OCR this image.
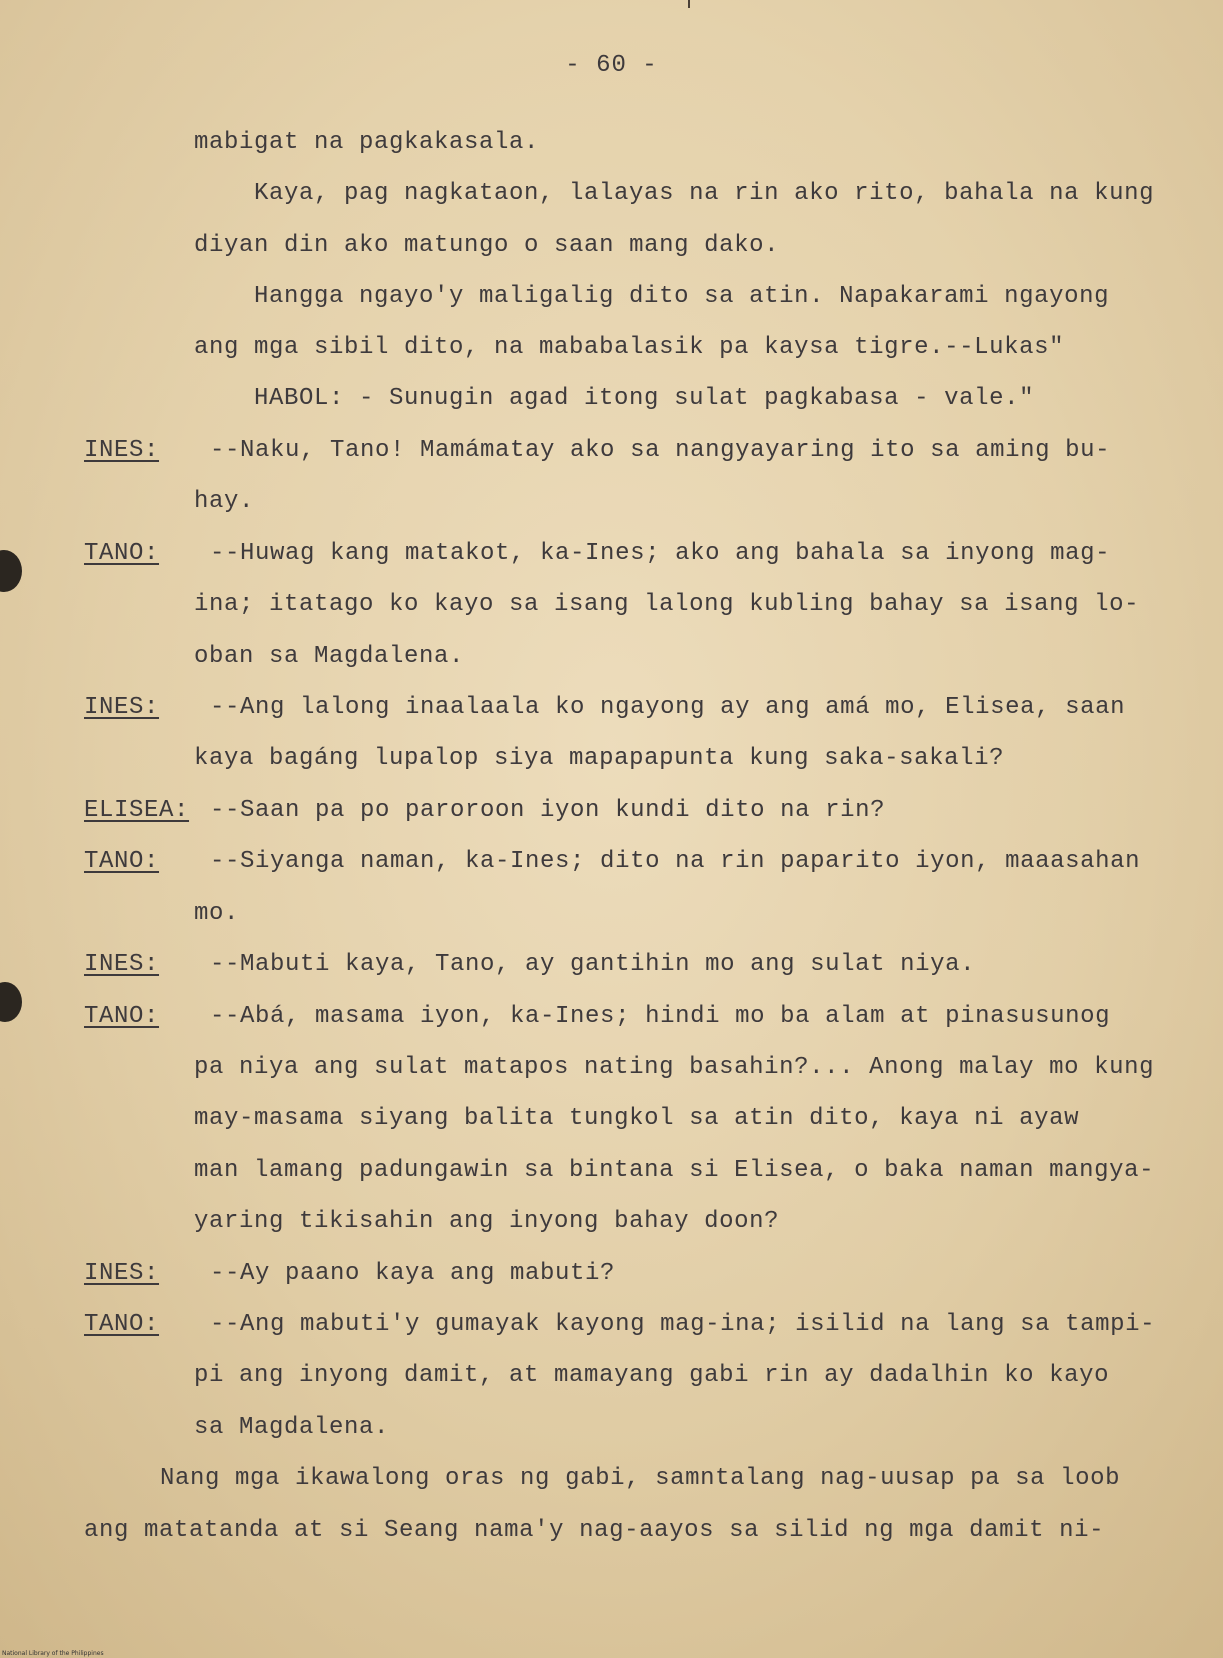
- 60 -
mabigat na pagkakasala.
Kaya, pag nagkataon, lalayas na rin ako rito, bahala na kung
diyan din ako matungo o saan mang dako.
Hangga ngayo'y maligalig dito sa atin. Napakarami ngayong
ang mga sibil dito, na mababalasik pa kaysa tigre.--Lukas"
HABOL: - Sunugin agad itong sulat pagkabasa - vale."
INES: --Naku, Tano! Mamámatay ako sa nangyayaring ito sa aming bu-
hay.
TANO: --Huwag kang matakot, ka-Ines; ako ang bahala sa inyong mag-
ina; itatago ko kayo sa isang lalong kubling bahay sa isang lo-
oban sa Magdalena.
INES: --Ang lalong inaalaala ko ngayong ay ang amá mo, Elisea, saan
kaya bagáng lupalop siya mapapapunta kung saka-sakali?
ELISEA: --Saan pa po paroroon iyon kundi dito na rin?
TANO: --Siyanga naman, ka-Ines; dito na rin paparito iyon, maaasahan
mo.
INES: --Mabuti kaya, Tano, ay gantihin mo ang sulat niya.
TANO: --Abá, masama iyon, ka-Ines; hindi mo ba alam at pinasusunog
pa niya ang sulat matapos nating basahin?... Anong malay mo kung
may-masama siyang balita tungkol sa atin dito, kaya ni ayaw
man lamang padungawin sa bintana si Elisea, o baka naman mangya-
yaring tikisahin ang inyong bahay doon?
INES: --Ay paano kaya ang mabuti?
TANO: --Ang mabuti'y gumayak kayong mag-ina; isilid na lang sa tampi-
pi ang inyong damit, at mamayang gabi rin ay dadalhin ko kayo
sa Magdalena.
Nang mga ikawalong oras ng gabi, samntalang nag-uusap pa sa loob
ang matatanda at si Seang nama'y nag-aayos sa silid ng mga damit ni-
National Library of the Philippines
